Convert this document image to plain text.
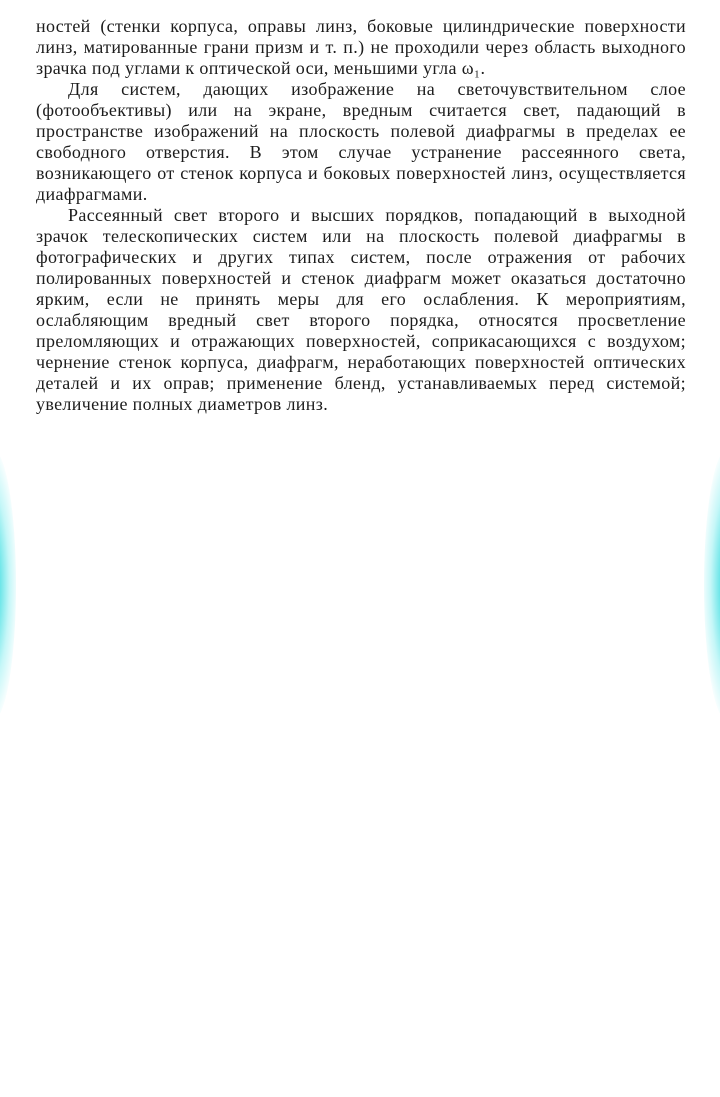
ностей (стенки корпуса, оправы линз, боковые цилиндрические поверхности линз, матированные грани призм и т. п.) не проходили через область выходного зрачка под углами к оптической оси, меньшими угла ω₁.

Для систем, дающих изображение на светочувствительном слое (фотообъективы) или на экране, вредным считается свет, падающий в пространстве изображений на плоскость полевой диафрагмы в пределах ее свободного отверстия. В этом случае устранение рассеянного света, возникающего от стенок корпуса и боковых поверхностей линз, осуществляется диафрагмами.

Рассеянный свет второго и высших порядков, попадающий в выходной зрачок телескопических систем или на плоскость полевой диафрагмы в фотографических и других типах систем, после отражения от рабочих полированных поверхностей и стенок диафрагм может оказаться достаточно ярким, если не принять меры для его ослабления. К мероприятиям, ослабляющим вредный свет второго порядка, относятся просветление преломляющих и отражающих поверхностей, соприкасающихся с воздухом; чернение стенок корпуса, диафрагм, неработающих поверхностей оптических деталей и их оправ; применение бленд, устанавливаемых перед системой; увеличение полных диаметров линз.
